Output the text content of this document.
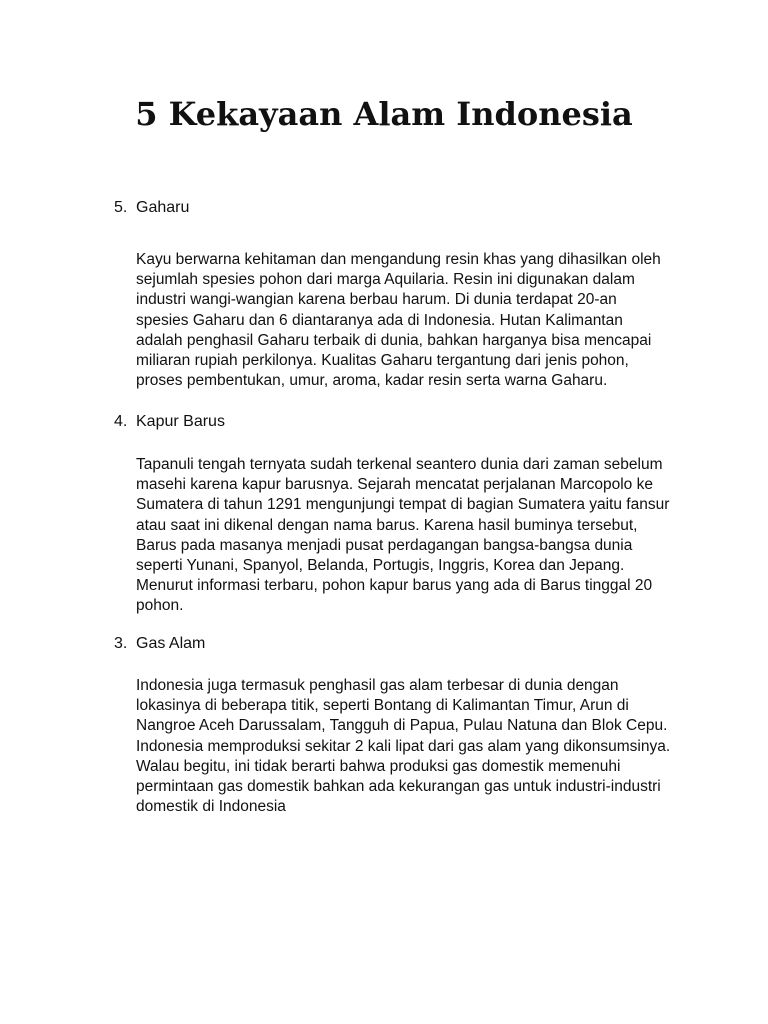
5 Kekayaan Alam Indonesia
5. Gaharu
Kayu berwarna kehitaman dan mengandung resin khas yang dihasilkan oleh
sejumlah spesies pohon dari marga Aquilaria. Resin ini digunakan dalam
industri wangi-wangian karena berbau harum. Di dunia terdapat 20-an
spesies Gaharu dan 6 diantaranya ada di Indonesia. Hutan Kalimantan
adalah penghasil Gaharu terbaik di dunia, bahkan harganya bisa mencapai
miliaran rupiah perkilonya. Kualitas Gaharu tergantung dari jenis pohon,
proses pembentukan, umur, aroma, kadar resin serta warna Gaharu.
4. Kapur Barus
Tapanuli tengah ternyata sudah terkenal seantero dunia dari zaman sebelum
masehi karena kapur barusnya. Sejarah mencatat perjalanan Marcopolo ke
Sumatera di tahun 1291 mengunjungi tempat di bagian Sumatera yaitu fansur
atau saat ini dikenal dengan nama barus. Karena hasil buminya tersebut,
Barus pada masanya menjadi pusat perdagangan bangsa-bangsa dunia
seperti Yunani, Spanyol, Belanda, Portugis, Inggris, Korea dan Jepang.
Menurut informasi terbaru, pohon kapur barus yang ada di Barus tinggal 20
pohon.
3. Gas Alam
Indonesia juga termasuk penghasil gas alam terbesar di dunia dengan
lokasinya di beberapa titik, seperti Bontang di Kalimantan Timur, Arun di
Nangroe Aceh Darussalam, Tangguh di Papua, Pulau Natuna dan Blok Cepu.
Indonesia memproduksi sekitar 2 kali lipat dari gas alam yang dikonsumsinya.
Walau begitu, ini tidak berarti bahwa produksi gas domestik memenuhi
permintaan gas domestik bahkan ada kekurangan gas untuk industri-industri
domestik di Indonesia
